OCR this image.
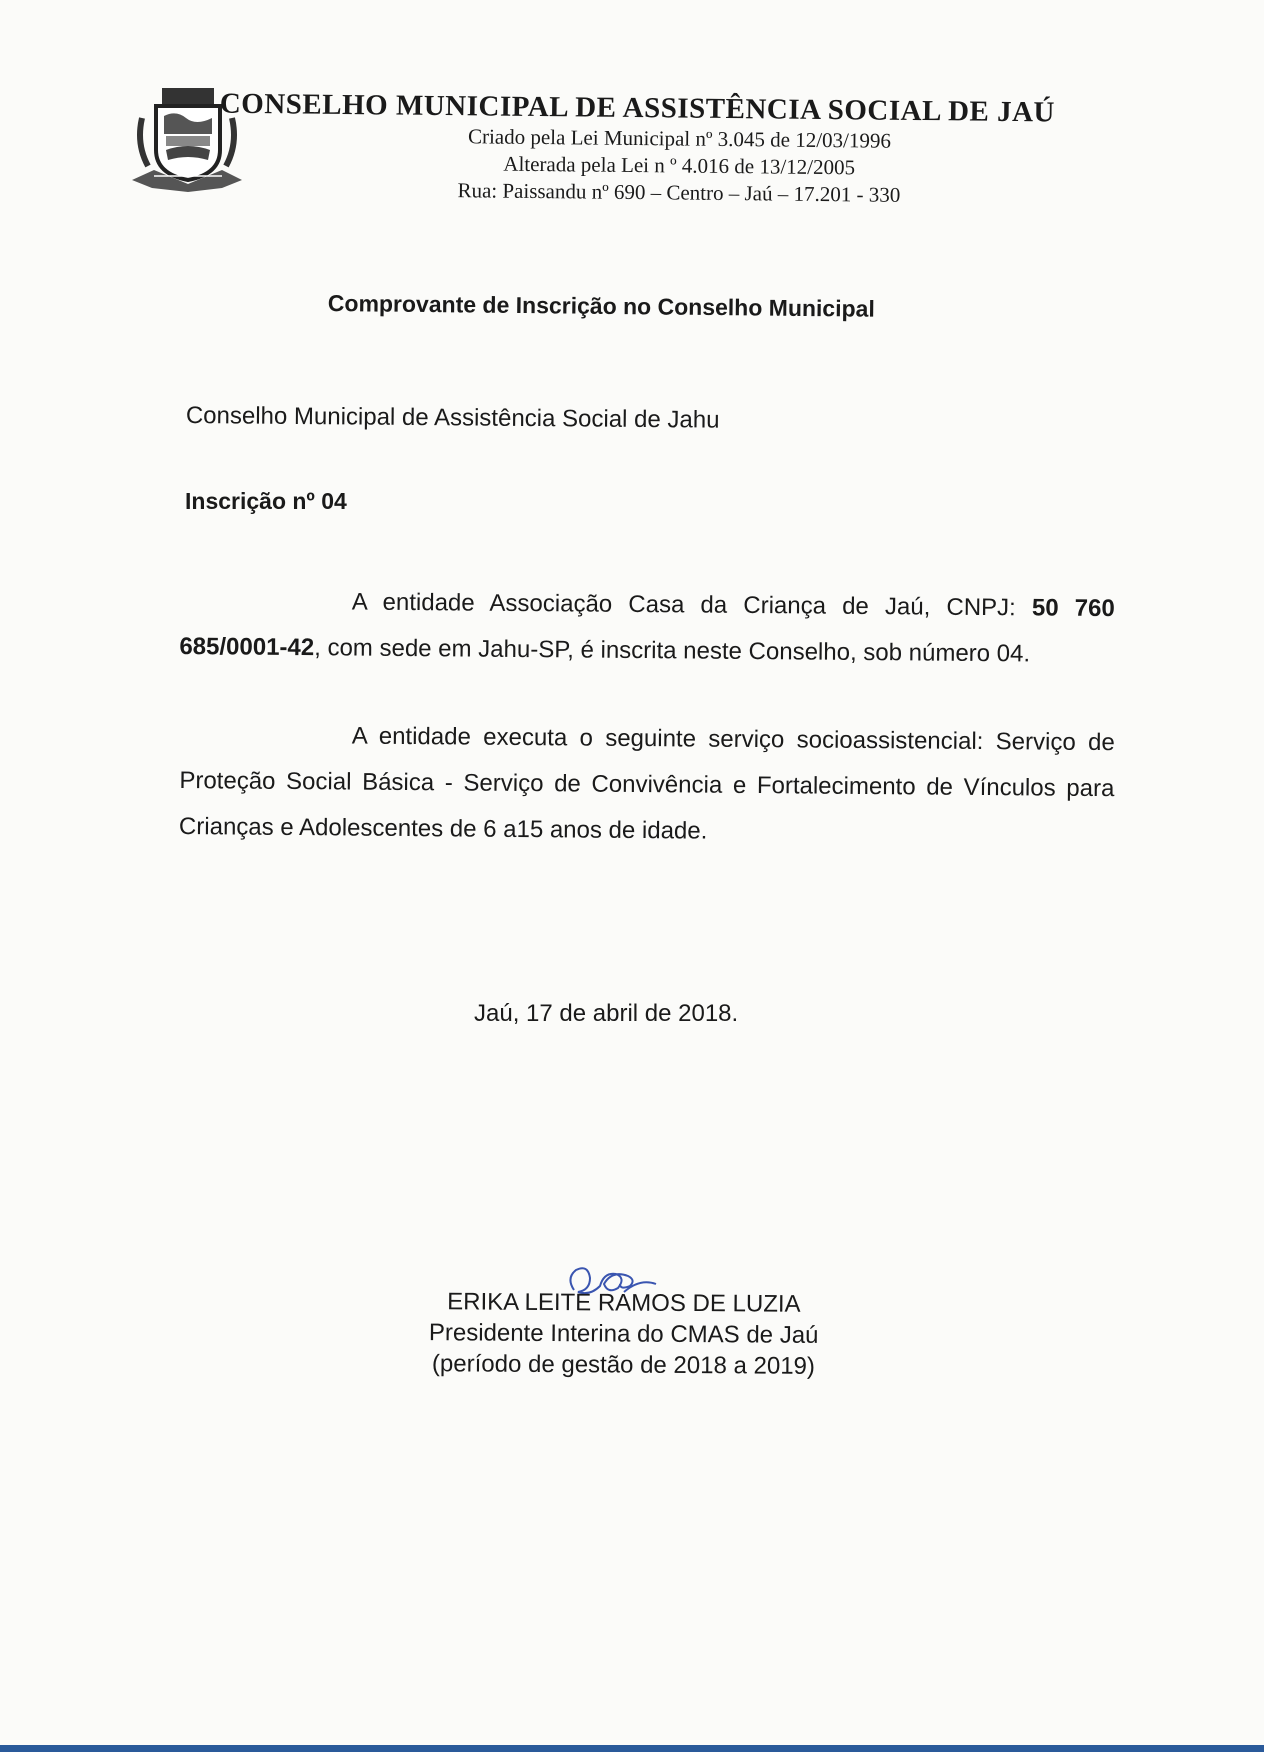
CONSELHO MUNICIPAL DE ASSISTÊNCIA SOCIAL DE JAÚ
Criado pela Lei Municipal nº 3.045 de 12/03/1996
Alterada pela Lei n º 4.016 de 13/12/2005
Rua: Paissandu nº 690 – Centro – Jaú – 17.201 - 330
Comprovante de Inscrição no Conselho Municipal
Conselho Municipal de Assistência Social de Jahu
Inscrição nº 04
A entidade Associação Casa da Criança de Jaú, CNPJ: 50 760 685/0001-42, com sede em Jahu-SP, é inscrita neste Conselho, sob número 04.
A entidade executa o seguinte serviço socioassistencial: Serviço de Proteção Social Básica - Serviço de Convivência e Fortalecimento de Vínculos para Crianças e Adolescentes de 6 a15 anos de idade.
Jaú, 17 de abril de 2018.
ERIKA LEITE RAMOS DE LUZIA
Presidente Interina do CMAS de Jaú
(período de gestão de 2018 a 2019)
